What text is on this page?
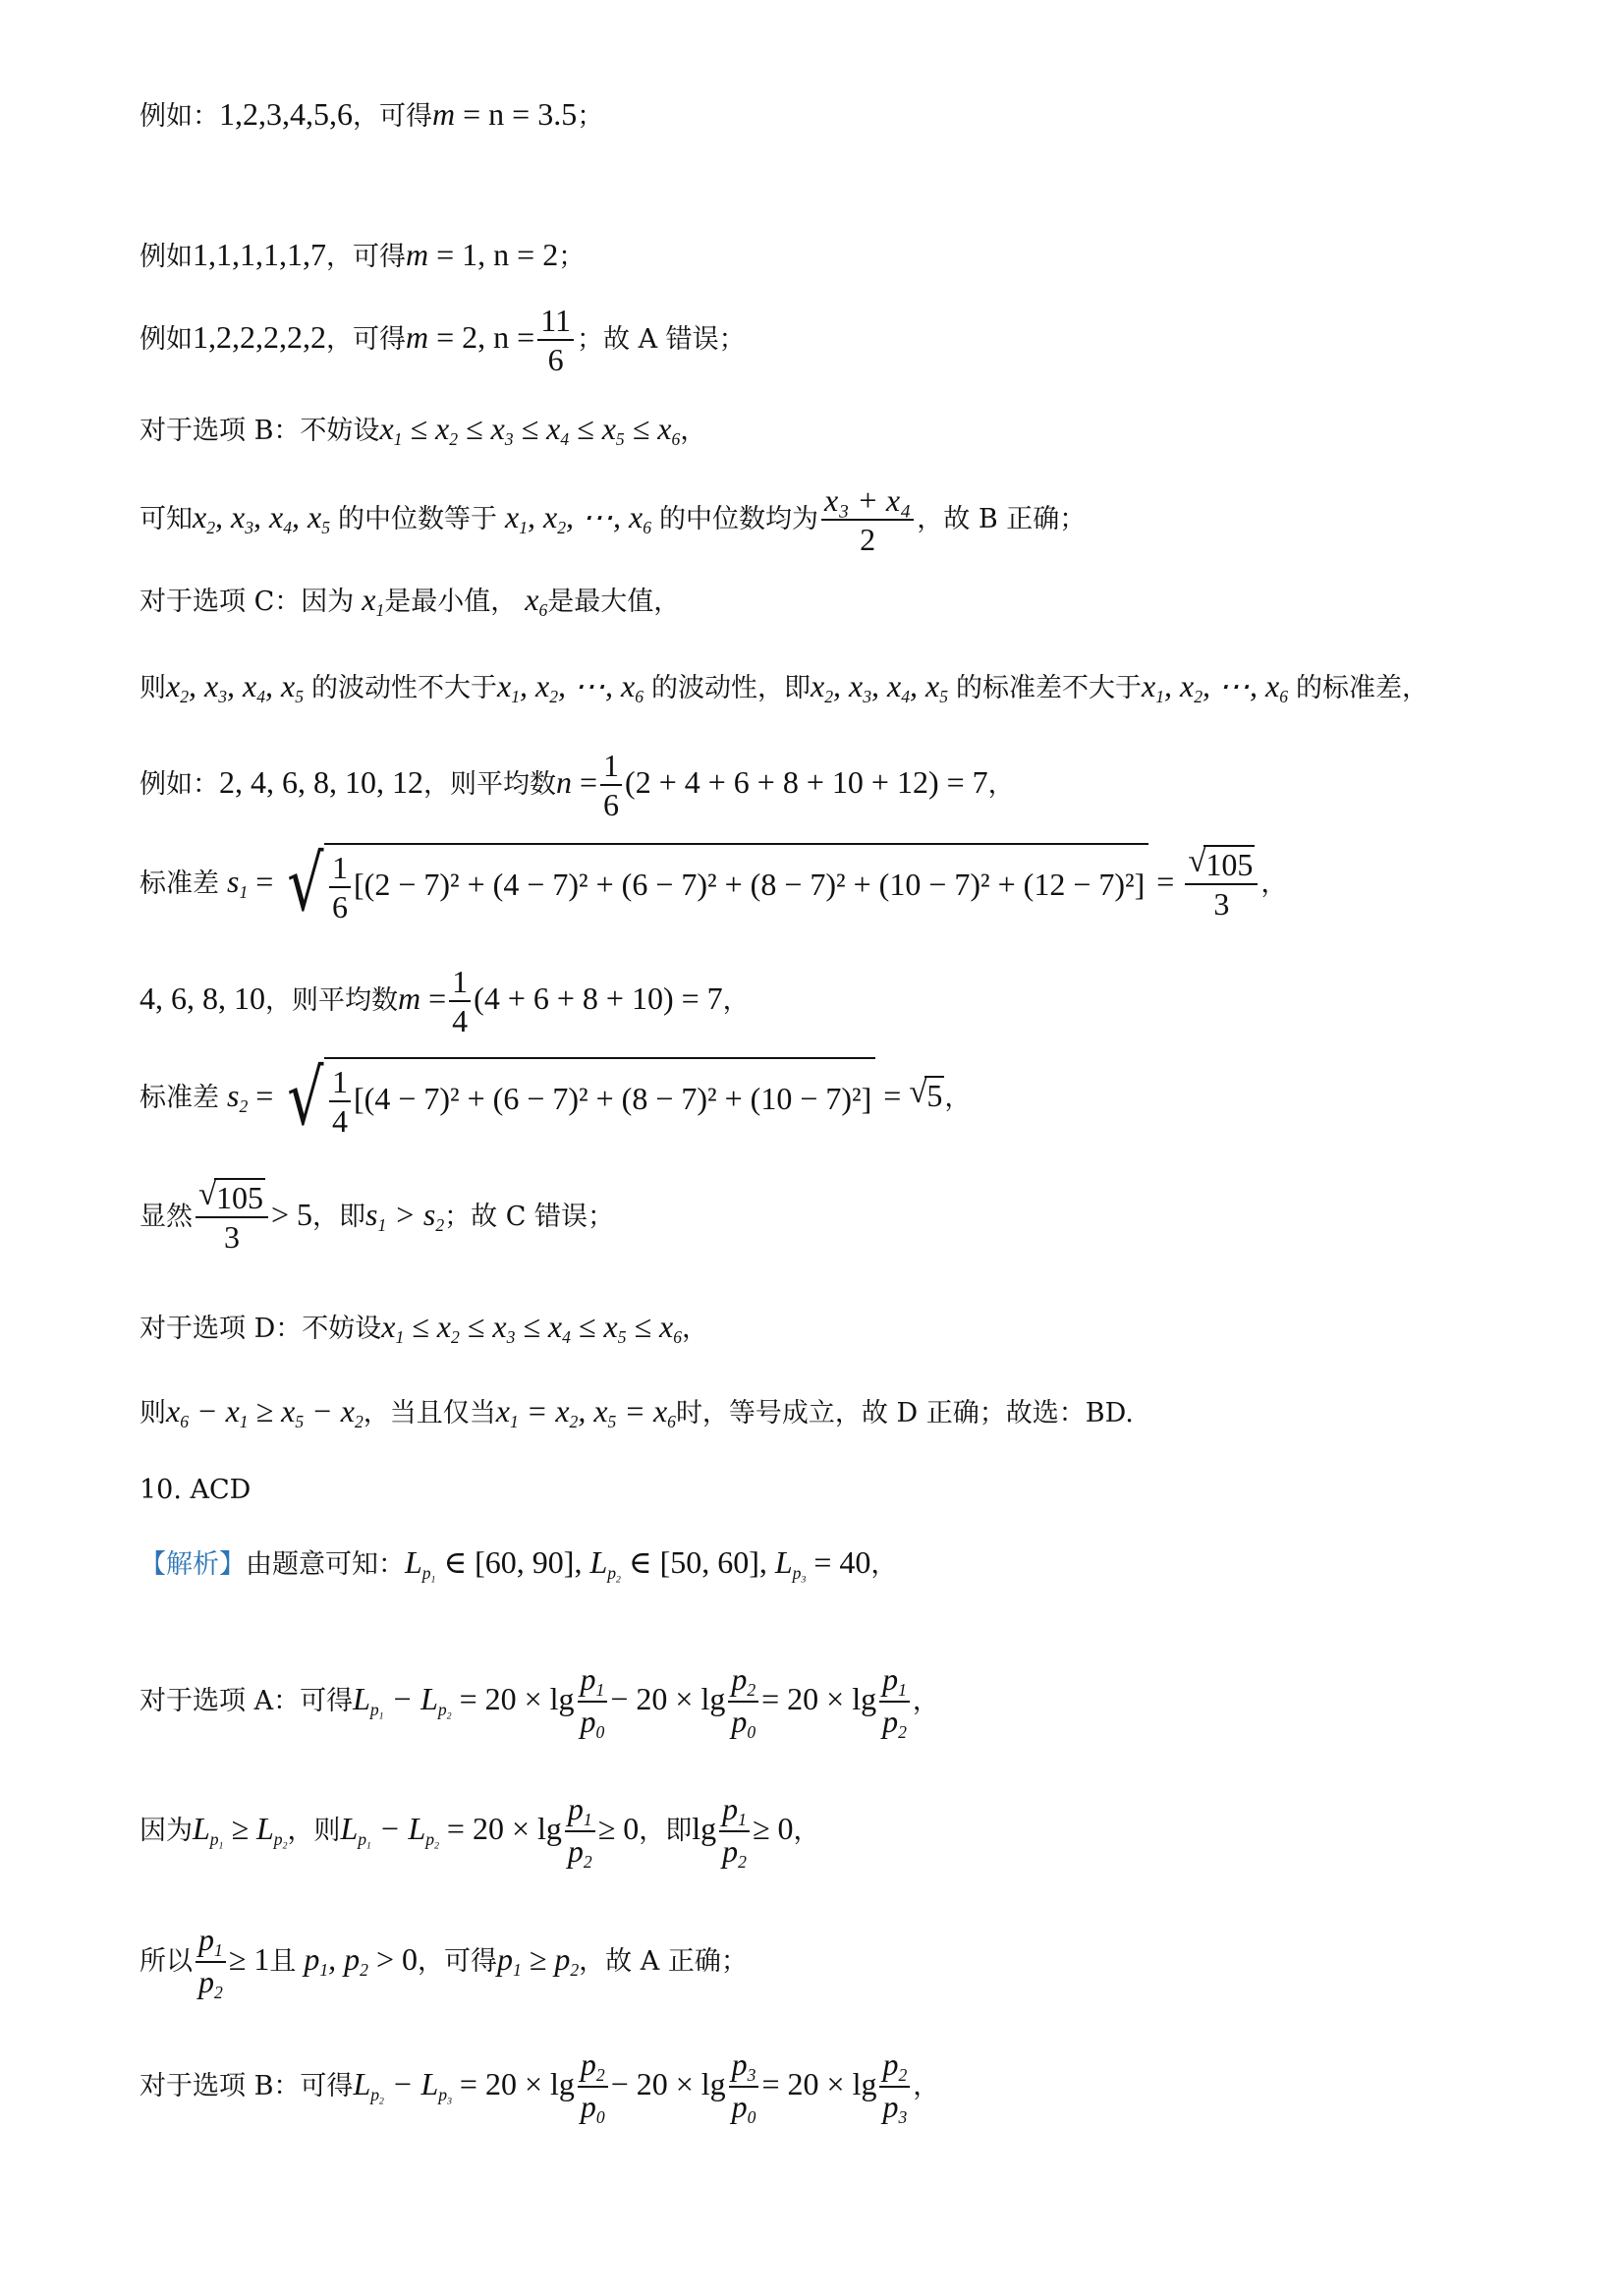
例如：1,2,3,4,5,6，可得m = n = 3.5；
例如1,1,1,1,1,7，可得m = 1, n = 2；
例如1,2,2,2,2,2，可得m = 2, $n = \frac{11}{6}$ ；故 A 错误；
对于选项 B：不妨设$x_1 \le x_2 \le x_3 \le x_4 \le x_5 \le x_6$，
可知$x_2$, $x_3$, $x_4$, $x_5$ 的中位数等于 $x_1$, $x_2$, ⋯, $x_6$ 的中位数均为 $\frac{\text{x₃ + x₄}}{2}$ ，故 B 正确；
对于选项 C：因为 $x_1$是最小值， $x_6$是最大值，
则$x_2$, $x_3$, $x_4$, $x_5$ 的波动性不大于$x_1$, $x_2$, ⋯, $x_6$ 的波动性，即$x_2$, $x_3$, $x_4$, $x_5$ 的标准差不大于$x_1$, $x_2$, ⋯, $x_6$ 的标准差，
例如：2, 4, 6, 8, 10, 12，则平均数$n = \frac{1}{6} (2 + 4 + 6 + 8 + 10 + 12) = 7$，
标准差 $s_1$ = √ $\frac{1}{6} [(2 - 7)^2 + (4 - 7)^2 + (6 - 7)^2 + (8 - 7)^2 + (10 - 7)^2 + (12 - 7)^2]$ = √ $\frac{105}{3}$ ，
4, 6, 8, 10，则平均数$m = \frac{1}{4} (4 + 6 + 8 + 10) = 7$，
标准差 $s_2$ = √ $\frac{1}{4} [(4 - 7)^2 + (6 - 7)^2 + (8 - 7)^2 + (10 - 7)^2]$ = √ 5，
显然 √ $\frac{105}{3} > 5$，即$s_1 > s_2$；故 C 错误；
对于选项 D：不妨设$x_1 \le x_2 \le x_3 \le x_4 \le x_5 \le x_6$，
则$x_6 - x_1 \ge x_5 - x_2$，当且仅当$x_1 = x_2$, $x_5 = x_6$时，等号成立，故 D 正确；故选：BD.
10. ACD
【解析】由题意可知：$L_{p_1}$ ∈ [60, 90], $L_{p_2}$ ∈ [50, 60], $L_{p_3} = 40$，
对于选项 A：可得$L_{p_1} - L_{p_2} = 20 \times \lg \frac{p_1}{p_0} - 20 \times \lg \frac{p_2}{p_0} = 20 \times \lg \frac{p_1}{p_2}$ ，
因为$L_{p_1} \ge L_{p_2}$，则$L_{p_1} - L_{p_2} = 20 \times \lg \frac{p_1}{p_2} \ge 0$，即$\lg \frac{p_1}{p_2} \ge 0$，
所以 $\frac{p_1}{p_2} \ge 1$且 $p_1$, $p_2 > 0$，可得$p_1 \ge p_2$，故 A 正确；
对于选项 B：可得$L_{p_2} - L_{p_3} = 20 \times \lg \frac{p_2}{p_0} - 20 \times \lg \frac{p_3}{p_0} = 20 \times \lg \frac{p_2}{p_3}$ ，
